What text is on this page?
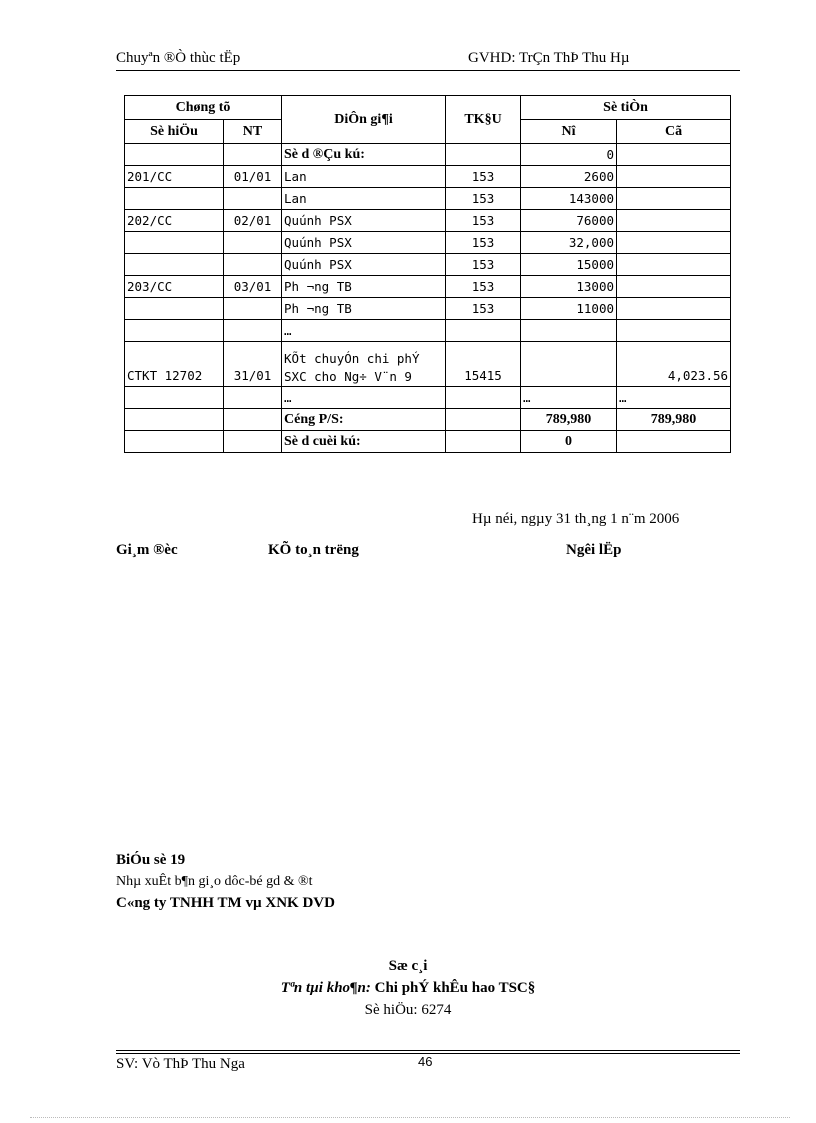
Chuyªn ®Ò thùc tËp	GVHD: TrÇn ThÞ Thu Hµ
Chøng tõ		DiÔn gi¶i	TK§U	Sè tiÒn	
Sè hiÖu	NT			Nî	Cã
		Sè d ®Çu kú:		0	
201/CC	01/01	Lan	153	2600	
		Lan	153	143000	
202/CC	02/01	Quúnh PSX	153	76000	
		Quúnh PSX	153	32,000	
		Quúnh PSX	153	15000	
203/CC	03/01	Ph ¬ng TB	153	13000	
		Ph ¬ng TB	153	11000	
		…			
CTKT 12702	31/01	KÕt chuyÓn chi phÝ SXC cho Ng÷ V¨n 9	15415		4,023.56
		…		…	…
		Céng P/S:		789,980	789,980
		Sè d cuèi kú:		0	
Hµ néi, ngµy 31 th¸ng 1 n¨m 2006
Gi¸m ®èc	KÕ to¸n trëng	Ngêi lËp
BiÓu sè 19
Nhµ xuÊt b¶n gi¸o dôc-bé gd & ®t
C«ng ty TNHH TM vµ XNK DVD
Sæ c¸i
Tªn tµi kho¶n: Chi phÝ khÊu hao TSC§
Sè hiÖu: 6274
SV: Vò ThÞ Thu Nga	46
